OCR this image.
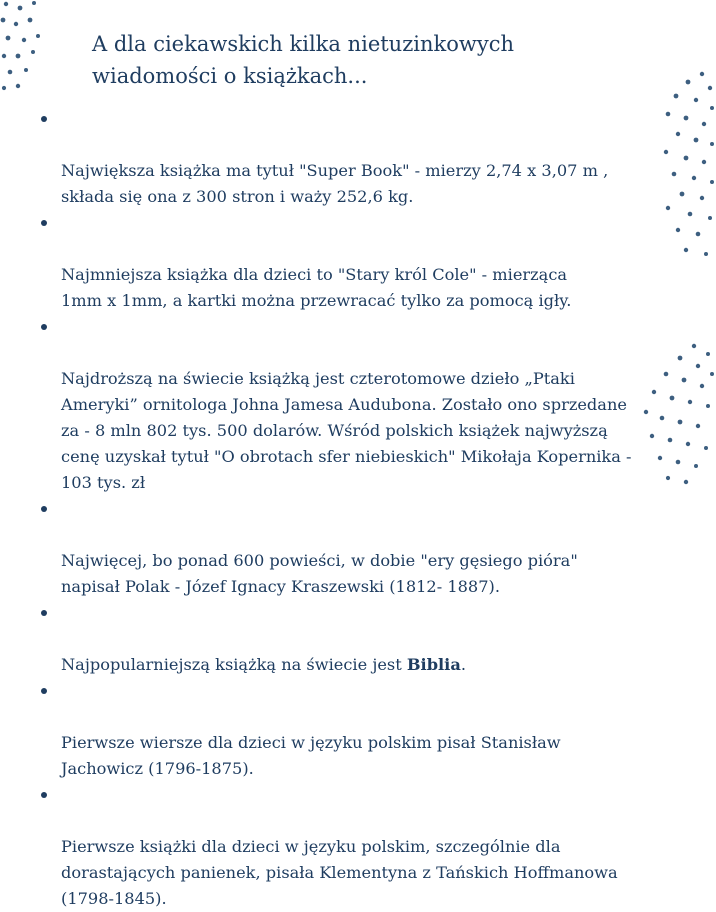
A dla ciekawskich kilka nietuzinkowych
wiadomości o książkach...

Największa książka ma tytuł "Super Book" - mierzy 2,74 x 3,07 m ,
składa się ona z 300 stron i waży 252,6 kg.

Najmniejsza książka dla dzieci to "Stary król Cole" - mierząca
1mm x 1mm, a kartki można przewracać tylko za pomocą igły.

Najdroższą na świecie książką jest czterotomowe dzieło „Ptaki
Ameryki” ornitologa Johna Jamesa Audubona. Zostało ono sprzedane
za - 8 mln 802 tys. 500 dolarów. Wśród polskich książek najwyższą
cenę uzyskał tytuł "O obrotach sfer niebieskich" Mikołaja Kopernika -
103 tys. zł

Najwięcej, bo ponad 600 powieści, w dobie "ery gęsiego pióra"
napisał Polak - Józef Ignacy Kraszewski (1812- 1887).

Najpopularniejszą książką na świecie jest Biblia.

Pierwsze wiersze dla dzieci w języku polskim pisał Stanisław
Jachowicz (1796-1875).

Pierwsze książki dla dzieci w języku polskim, szczególnie dla
dorastających panienek, pisała Klementyna z Tańskich Hoffmanowa
(1798-1845).
